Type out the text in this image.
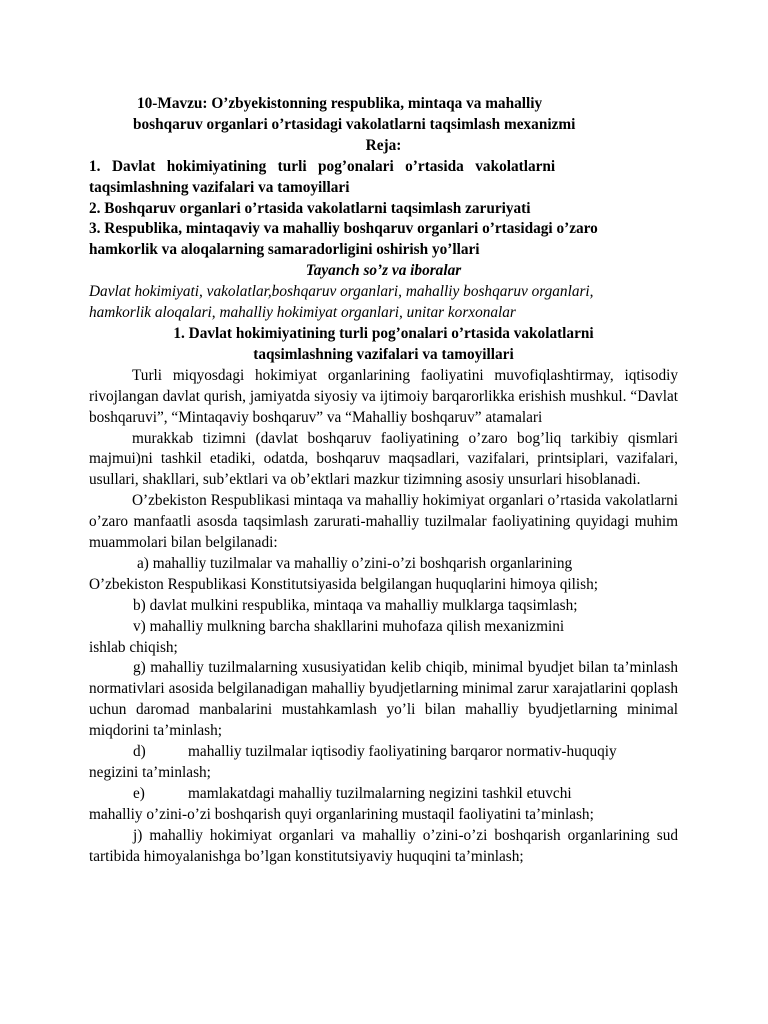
10-Mavzu: O’zbyekistonning respublika, mintaqa va mahalliy
boshqaruv organlari o’rtasidagi vakolatlarni taqsimlash mexanizmi
Reja:
1.   Davlat   hokimiyatining   turli   pog’onalari   o’rtasida   vakolatlarni
taqsimlashning vazifalari va tamoyillari
2. Boshqaruv organlari o’rtasida vakolatlarni taqsimlash zaruriyati
3. Respublika, mintaqaviy va mahalliy boshqaruv organlari o’rtasidagi o’zaro
hamkorlik va aloqalarning samaradorligini oshirish yo’llari
Tayanch so’z va iboralar
Davlat hokimiyati, vakolatlar,boshqaruv organlari, mahalliy boshqaruv organlari,
hamkorlik aloqalari, mahalliy hokimiyat organlari, unitar korxonalar
1. Davlat hokimiyatining turli pog’onalari o’rtasida vakolatlarni
taqsimlashning vazifalari va tamoyillari

Turli miqyosdagi hokimiyat organlarining faoliyatini muvofiqlashtirmay, iqtisodiy rivojlangan davlat qurish, jamiyatda siyosiy va ijtimoiy barqarorlikka erishish mushkul. “Davlat boshqaruvi”, “Mintaqaviy boshqaruv” va “Mahalliy boshqaruv” atamalari

murakkab tizimni (davlat boshqaruv faoliyatining o’zaro bog’liq tarkibiy qismlari majmui)ni tashkil etadiki, odatda, boshqaruv maqsadlari, vazifalari, printsiplari, vazifalari, usullari, shakllari, sub’ektlari va ob’ektlari mazkur tizimning asosiy unsurlari hisoblanadi.

O’zbekiston Respublikasi mintaqa va mahalliy hokimiyat organlari o’rtasida vakolatlarni o’zaro manfaatli asosda taqsimlash zarurati-mahalliy tuzilmalar faoliyatining quyidagi muhim muammolari bilan belgilanadi:

a) mahalliy tuzilmalar va mahalliy o’zini-o’zi boshqarish organlarining
O’zbekiston Respublikasi Konstitutsiyasida belgilangan huquqlarini himoya qilish;

b) davlat mulkini respublika, mintaqa va mahalliy mulklarga taqsimlash;

v) mahalliy mulkning barcha shakllarini muhofaza qilish mexanizmini
ishlab chiqish;

g) mahalliy tuzilmalarning xususiyatidan kelib chiqib, minimal byudjet bilan ta’minlash normativlari asosida belgilanadigan mahalliy byudjetlarning minimal zarur xarajatlarini qoplash uchun daromad manbalarini mustahkamlash yo’li bilan mahalliy byudjetlarning minimal miqdorini ta’minlash;

d)	mahalliy tuzilmalar iqtisodiy faoliyatining barqaror normativ-huquqiy
negizini ta’minlash;

e)	mamlakatdagi mahalliy tuzilmalarning negizini tashkil etuvchi
mahalliy o’zini-o’zi boshqarish quyi organlarining mustaqil faoliyatini ta’minlash;

j) mahalliy hokimiyat organlari va mahalliy o’zini-o’zi boshqarish organlarining sud tartibida himoyalanishga bo’lgan konstitutsiyaviy huquqini ta’minlash;
